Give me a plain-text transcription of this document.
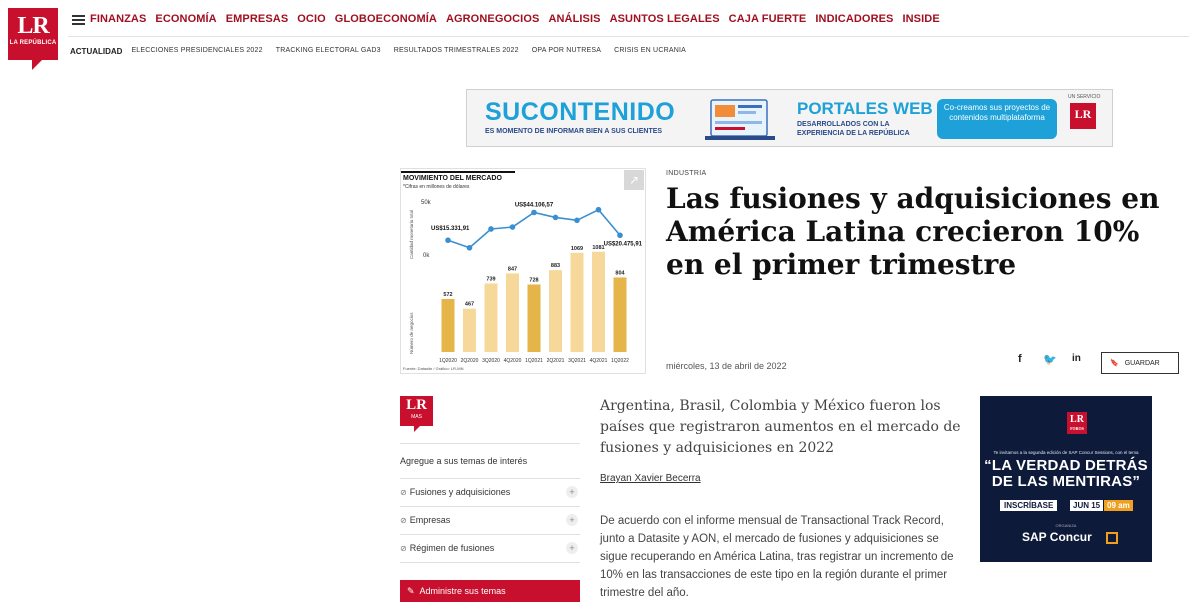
LR
LA REPÚBLICA
FINANZAS ECONOMÍA EMPRESAS OCIO GLOBOECONOMÍA AGRONEGOCIOS ANÁLISIS ASUNTOS LEGALES CAJA FUERTE INDICADORES INSIDE
ACTUALIDAD ELECCIONES PRESIDENCIALES 2022 TRACKING ELECTORAL GAD3 RESULTADOS TRIMESTRALES 2022 OPA POR NUTRESA CRISIS EN UCRANIA
SUCONTENIDO
ES MOMENTO DE INFORMAR BIEN A SUS CLIENTES
PORTALES WEB
DESARROLLADOS CON LA EXPERIENCIA DE LA REPÚBLICA
Co-creamos sus proyectos de contenidos multiplataforma
UN SERVICIO
LR
MOVIMIENTO DEL MERCADO
*Cifras en millones de dólares
Cantidad monetaria total
Número de negocios
50k
0k
572
1Q2020
467
2Q2020
739
3Q2020
847
4Q2020
728
1Q2021
883
2Q2021
1069
3Q2021
1081
4Q2021
804
1Q2022
US$15.331,91
US$44.106,57
US$20.475,91
Fuente: Datasite / Gráfico: LR-MN
↗	INDUSTRIA
Las fusiones y adquisiciones en América Latina crecieron 10% en el primer trimestre
miércoles, 13 de abril de 2022
f 🐦 in	🔖 GUARDAR
LR
MAS
Agregue a sus temas de interés
⊘ Fusiones y adquisiciones	+
⊘ Empresas	+
⊘ Régimen de fusiones	+
✎ Administre sus temas

Argentina, Brasil, Colombia y México fueron los países que registraron aumentos en el mercado de fusiones y adquisiciones en 2022

Brayan Xavier Becerra

De acuerdo con el informe mensual de Transactional Track Record, junto a Datasite y AON, el mercado de fusiones y adquisiciones se sigue recuperando en América Latina, tras registrar un incremento de 10% en las transacciones de este tipo en la región durante el primer trimestre del año.

LR
FOROS
Te invitamos a la segunda edición de SAP Concur Sessions, con el tema
“LA VERDAD DETRÁS DE LAS MENTIRAS”
INSCRÍBASE	JUN 15 09 am
ORGANIZA
SAP Concur
